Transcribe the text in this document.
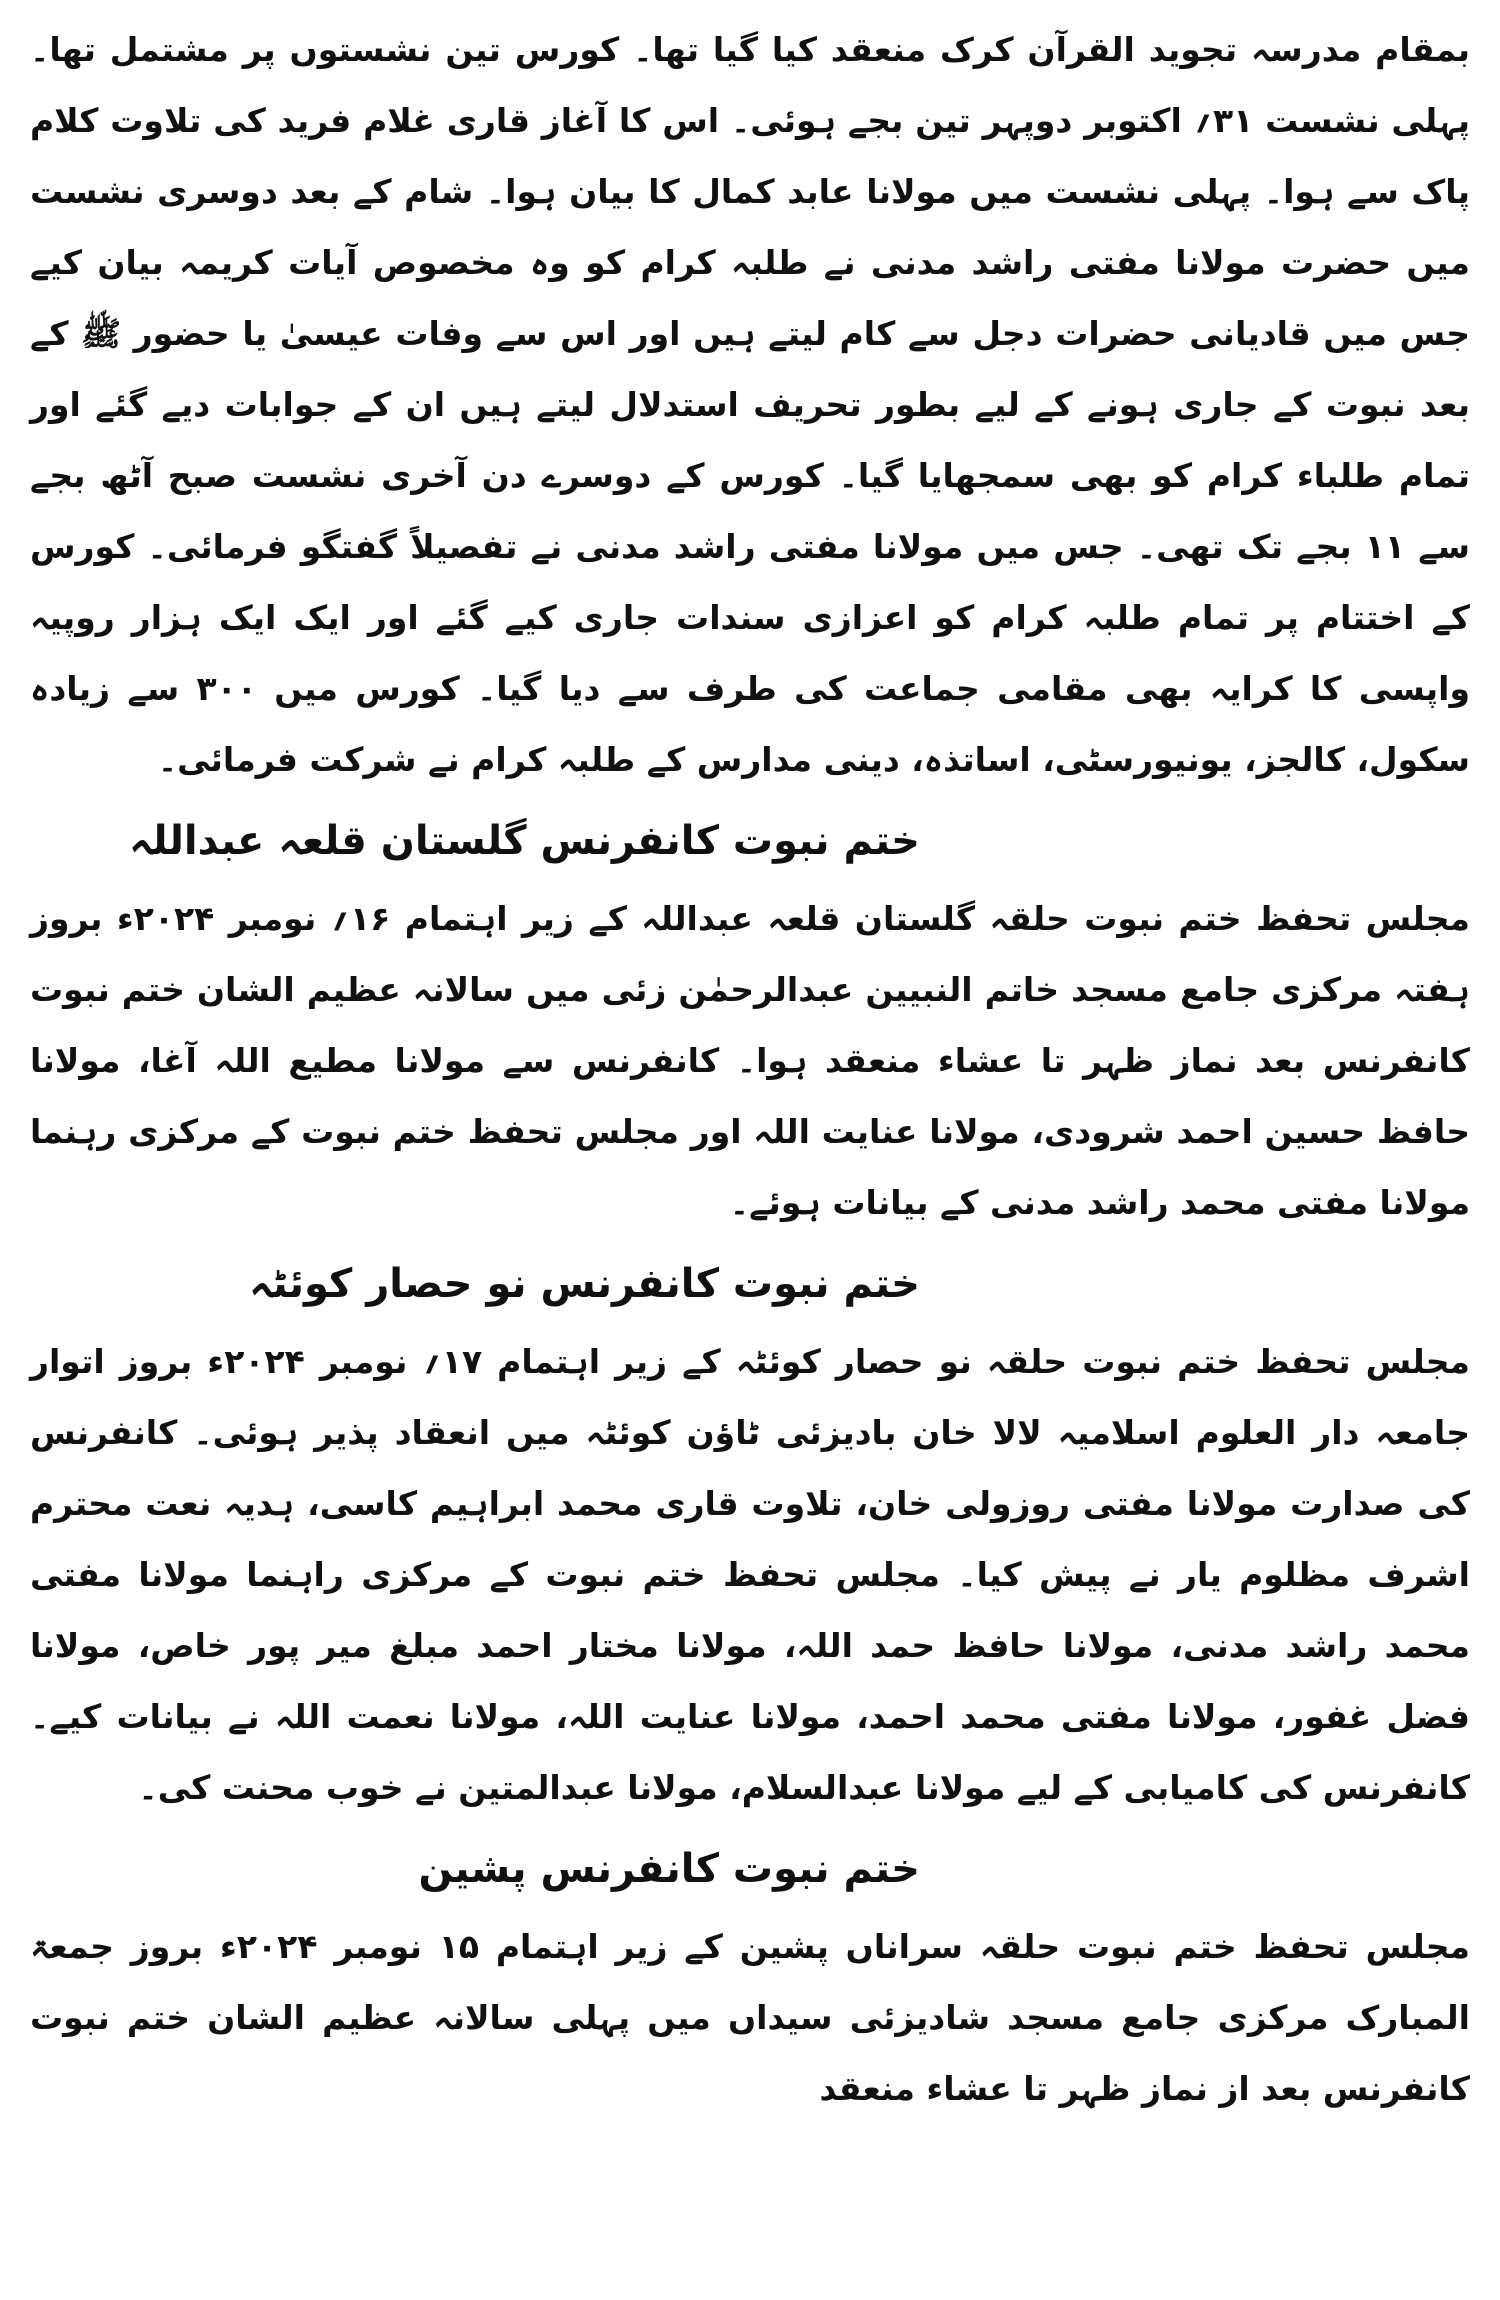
بمقام مدرسہ تجوید القرآن کرک منعقد کیا گیا تھا۔ کورس تین نشستوں پر مشتمل تھا۔ پہلی نشست ۳۱؍ اکتوبر دوپہر تین بجے ہوئی۔ اس کا آغاز قاری غلام فرید کی تلاوت کلام پاک سے ہوا۔ پہلی نشست میں مولانا عابد کمال کا بیان ہوا۔ شام کے بعد دوسری نشست میں حضرت مولانا مفتی راشد مدنی نے طلبہ کرام کو وہ مخصوص آیات کریمہ بیان کیے جس میں قادیانی حضرات دجل سے کام لیتے ہیں اور اس سے وفات عیسیٰ یا حضور ﷺ کے بعد نبوت کے جاری ہونے کے لیے بطور تحریف استدلال لیتے ہیں ان کے جوابات دیے گئے اور تمام طلباء کرام کو بھی سمجھایا گیا۔ کورس کے دوسرے دن آخری نشست صبح آٹھ بجے سے ۱۱ بجے تک تھی۔ جس میں مولانا مفتی راشد مدنی نے تفصیلاً گفتگو فرمائی۔ کورس کے اختتام پر تمام طلبہ کرام کو اعزازی سندات جاری کیے گئے اور ایک ایک ہزار روپیہ واپسی کا کرایہ بھی مقامی جماعت کی طرف سے دیا گیا۔ کورس میں ۳۰۰ سے زیادہ سکول، کالجز، یونیورسٹی، اساتذہ، دینی مدارس کے طلبہ کرام نے شرکت فرمائی۔

ختم نبوت کانفرنس گلستان قلعہ عبداللہ

مجلس تحفظ ختم نبوت حلقہ گلستان قلعہ عبداللہ کے زیر اہتمام ۱۶؍ نومبر ۲۰۲۴ء بروز ہفتہ مرکزی جامع مسجد خاتم النبیین عبدالرحمٰن زئی میں سالانہ عظیم الشان ختم نبوت کانفرنس بعد نماز ظہر تا عشاء منعقد ہوا۔ کانفرنس سے مولانا مطیع اللہ آغا، مولانا حافظ حسین احمد شرودی، مولانا عنایت اللہ اور مجلس تحفظ ختم نبوت کے مرکزی رہنما مولانا مفتی محمد راشد مدنی کے بیانات ہوئے۔

ختم نبوت کانفرنس نو حصار کوئٹہ

مجلس تحفظ ختم نبوت حلقہ نو حصار کوئٹہ کے زیر اہتمام ۱۷؍ نومبر ۲۰۲۴ء بروز اتوار جامعہ دار العلوم اسلامیہ لالا خان بادیزئی ٹاؤن کوئٹہ میں انعقاد پذیر ہوئی۔ کانفرنس کی صدارت مولانا مفتی روزولی خان، تلاوت قاری محمد ابراہیم کاسی، ہدیہ نعت محترم اشرف مظلوم یار نے پیش کیا۔ مجلس تحفظ ختم نبوت کے مرکزی راہنما مولانا مفتی محمد راشد مدنی، مولانا حافظ حمد اللہ، مولانا مختار احمد مبلغ میر پور خاص، مولانا فضل غفور، مولانا مفتی محمد احمد، مولانا عنایت اللہ، مولانا نعمت اللہ نے بیانات کیے۔ کانفرنس کی کامیابی کے لیے مولانا عبدالسلام، مولانا عبدالمتین نے خوب محنت کی۔

ختم نبوت کانفرنس پشین

مجلس تحفظ ختم نبوت حلقہ سراناں پشین کے زیر اہتمام ۱۵ نومبر ۲۰۲۴ء بروز جمعۃ المبارک مرکزی جامع مسجد شادیزئی سیداں میں پہلی سالانہ عظیم الشان ختم نبوت کانفرنس بعد از نماز ظہر تا عشاء منعقد
